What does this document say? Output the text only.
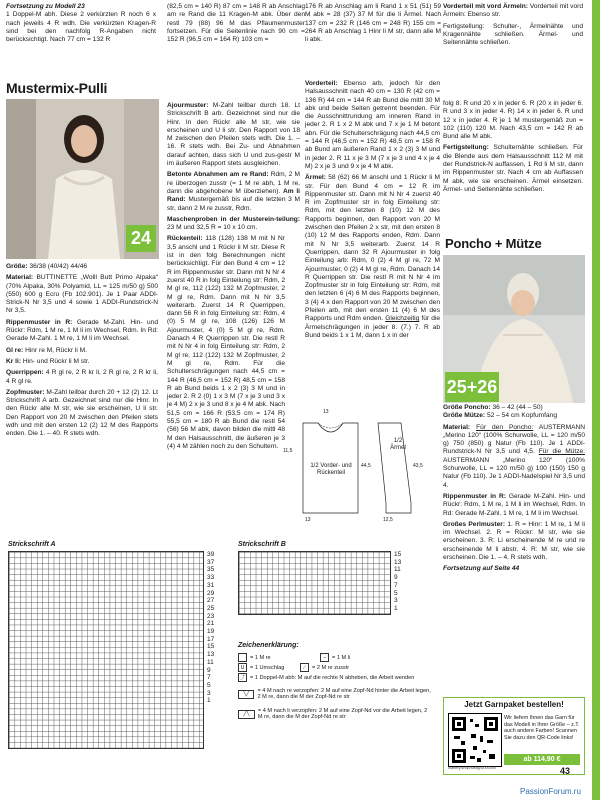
Fortsetzung zu Modell 23
1 Doppel-M abh. Diese 2 verkürzten R noch 6 x nach jeweils 4 R wdh. Die verkürzten Kragen-R sind bei den nachfolg R-Angaben nicht berücksichtigt. Nach 77 cm = 132 R

(82,5 cm = 140 R) 87 cm = 148 R ab Anschlag am re Rand die 11 Kragen-M abk. Über den restl 79 (88) 96 M das Pflaumenmuster fortsetzen. Für die Seitenlinie nach 90 cm = 152 R (96,5 cm = 164 R) 103 cm =

176 R ab Anschlag am li Rand 1 x 51 (51) 59 M abk = 28 (37) 37 M für die li Ärmel. Nach 137 cm = 232 R (146 cm = 248 R) 155 cm = 264 R ab Anschlag 1 Hinr li M str, dann alle M li abk.

Vorderteil mit vord Ärmeln: Vorderteil mit vord Ärmeln: Ebenso str.

Fertigstellung: Schulter-, Ärmelnähte und Kragennähte schließen. Ärmel- und Seitennähte schließen.

Mustermix-Pulli
24

Größe: 36/38 (40/42) 44/46

Material: BUTTINETTE „Wolll Butt Primo Alpaka“ (70% Alpaka, 30% Polyamid, LL = 125 m/50 g) 500 (550) 600 g Ecru (Fb 102.901). Je 1 Paar ADDI-Strick-N Nr 3,5 und 4 sowie 1 ADDI-Rundstrick-N Nr 3,5.

Rippenmuster in R: Gerade M-Zahl. Hin- und Rückr: Rdm, 1 M re, 1 M li im Wechsel, Rdm. In Rd: Gerade M-Zahl. 1 M re, 1 M li im Wechsel.

Gl re: Hinr re M, Rückr li M.

Kr li: Hin- und Rückr li M str.

Querrippen: 4 R gl re, 2 R kr li, 2 R gl re, 2 R kr li, 4 R gl re.

Zopfmuster: M-Zahl teilbar durch 20 + 12 (2) 12. Lt Strickschrift A arb. Gezeichnet sind nur die Hinr. In den Rückr alle M str, wie sie erscheinen, U li str. Den Rapport von 20 M zwischen den Pfeilen stets wdh und mit den ersten 12 (2) 12 M des Rapports enden. Die 1. – 40. R stets wdh.

Ajourmuster: M-Zahl teilbar durch 18. Lt Strickschrift B arb. Gezeichnet sind nur die Hinr. In den Rückr alle M str, wie sie erscheinen und U li str. Den Rapport von 18 M zwischen den Pfeilen stets wdh. Die 1. – 16. R stets wdh. Bei Zu- und Abnahmen darauf achten, dass sich U und zus-gestr M im äußeren Rapport stets ausgleichen.

Betonte Abnahmen am re Rand: Rdm, 2 M re überzogen zusstr (= 1 M re abh, 1 M re, dann die abgehobene M überziehen). Am li Rand: Mustergemäß bis auf die letzten 3 M str, dann 2 M re zusstr, Rdm.

Maschenproben in der Musterein-teilung: 23 M und 32,5 R = 10 x 10 cm.

Rückenteil: 118 (128) 138 M mit N Nr 3,5 anschl und 1 Rückr li M str. Diese R ist in den folg Berechnungen nicht berücksichtigt. Für den Bund 4 cm = 12 R im Rippenmuster str. Dann mit N Nr 4 zuerst 40 R in folg Einteilung str: Rdm, 2 M gl re, 112 (122) 132 M Zopfmuster, 2 M gl re, Rdm. Dann mit N Nr 3,5 weiterarb. Zuerst 14 R Querrippen, dann 56 R in folg Einteilung str: Rdm, 4 (0) 5 M gl re, 108 (126) 126 M Ajourmuster, 4 (0) 5 M gl re, Rdm. Danach 4 R Querrippen str. Die restl R mit N Nr 4 in folg Einteilung str: Rdm, 2 M gl re, 112 (122) 132 M Zopfmuster, 2 M gl re, Rdm. Für die Schulterschrägungen nach 44,5 cm = 144 R (46,5 cm = 152 R) 48,5 cm = 158 R ab Bund beids 1 x 2 (3) 3 M und in jeder 2. R 2 (0) 1 x 3 M (7 x je 3 und 3 x je 4 M) 2 x je 3 und 8 x je 4 M abk. Nach 51,5 cm = 166 R (53,5 cm = 174 R) 55,5 cm = 180 R ab Bund die restl 54 (56) 56 M abk, davon bilden die mittl 48 M den Halsausschnitt, die äußeren je 3 (4) 4 M zählen noch zu den Schultern.

Vorderteil: Ebenso arb, jedoch für den Halsausschnitt nach 40 cm = 130 R (42 cm = 136 R) 44 cm = 144 R ab Bund die mittl 30 M abk und beide Seiten getrennt beenden. Für die Ausschnittrundung am inneren Rand in jeder 2. R 1 x 2 M abk und 7 x je 1 M betont abn. Für die Schulterschrägung nach 44,5 cm = 144 R (46,5 cm = 152 R) 48,5 cm = 158 R ab Bund am äußeren Rand 1 x 2 (3) 3 M und in jeder 2. R 11 x je 3 M (7 x je 3 und 4 x je 4 M) 2 x je 3 und 9 x je 4 M abk.

Ärmel: 58 (62) 66 M anschl und 1 Rückr li M str. Für den Bund 4 cm = 12 R im Rippenmuster str. Dann mit N Nr 4 zuerst 40 R im Zopfmuster str in folg Einteilung str: Rdm, mit den letzten 8 (10) 12 M des Rapports beginnen, den Rapport von 20 M zwischen den Pfeilen 2 x str, mit den ersten 8 (10) 12 M des Rapports enden, Rdm. Dann mit N Nr 3,5 weiterarb. Zuerst 14 R Querrippen, dann 32 R Ajourmuster in folg Einteilung arb: Rdm, 0 (2) 4 M gl re, 72 M Ajourmuster, 0 (2) 4 M gl re, Rdm. Danach 14 R Querrippen str. Die restl R mit N Nr 4 im Zopfmuster str in folg Einteilung str: Rdm, mit den letzten 6 (4) 6 M des Rapports beginnen, 3 (4) 4 x den Rapport von 20 M zwischen den Pfeilen arb, mit den ersten 11 (4) 6 M des Rapports und Rdm enden. Gleichzeitig für die Ärmelschrägungen in jeder 8. (7.) 7. R ab Bund beids 1 x 1 M, dann 1 x in der

folg 8. R und 20 x in jeder 6. R (20 x in jeder 6. R und 3 x in jeder 4. R) 14 x in jeder 6. R und 12 x in jeder 4. R je 1 M mustergemäß zun = 102 (110) 120 M. Nach 43,5 cm = 142 R ab Bund alle M abk.

Fertigstellung: Schulternähte schließen. Für die Blende aus dem Halsausschnitt 112 M mit der Rundstrick-N auffassen, 1 Rd li M str, dann im Rippenmuster str. Nach 4 cm ab Auffassen M abk, wie sie erscheinen. Ärmel einsetzen. Ärmel- und Seitennähte schließen.

Poncho + Mütze
25+26

Größe Poncho: 36 – 42 (44 – 50)

Größe Mütze: 52 – 54 cm Kopfumfang

Material: Für den Poncho: AUSTERMANN „Merino 120“ (100% Schurwolle, LL = 120 m/50 g) 750 (850) g Natur (Fb 110). Je 1 ADDI-Rundstrick-N Nr 3,5 und 4,5. Für die Mütze: AUSTERMANN „Merino 120“ (100% Schurwolle, LL = 120 m/50 g) 100 (150) 150 g Natur (Fb 110). Je 1 ADDI-Nadelspiel Nr 3,5 und 4.

Rippenmuster in R: Gerade M-Zahl. Hin- und Rückr: Rdm, 1 M re, 1 M li im Wechsel, Rdm. In Rd: Gerade M-Zahl. 1 M re, 1 M li im Wechsel.

Großes Perlmuster: 1. R = Hinr: 1 M re, 1 M li im Wechsel. 2. R = Rückr: M str, wie sie erscheinen. 3. R: Li erscheinende M re und re erscheinende M li abstr. 4. R: M str, wie sie erscheinen. Die 1. – 4. R stets wdh.

Fortsetzung auf Seite 44

1/2 Vorder- und Rückenteil
1/2 Ärmel
13
13
11,5
44,5	43,5
12,5
Strickschrift A
39
37
35
33
31
29
27
25
23
21
19
17
15
13
11
9
7
5
3
1
Strickschrift B
15
13
11
9
7
5
3
1
Zeichenerklärung:
= 1 M re	–	= 1 M li
U	= 1 Umschlag	⟋	= 2 M re zusstr
⤴ = 1 Doppel-M abh: M auf die rechte N abheben, die Arbeit wenden
╲╱	= 4 M nach re verzopfen: 2 M auf eine Zopf-Nd hinter die Arbeit legen, 2 M re, dann die M der Zopf-Nd re str
╱╲	= 4 M nach li verzopfen: 2 M auf eine Zopf-Nd vor die Arbeit legen, 2 M re, dann die M der Zopf-Nd re str
Jetzt Garnpaket bestellen!
Wir liefern Ihnen das Garn für das Modell in Ihrer Größe – z.T. auch andere Farben! Scannen Sie dazu den QR-Code links!
ab 114,90 €
craftery.shop/lustig/D000000	43
PassionForum.ru
